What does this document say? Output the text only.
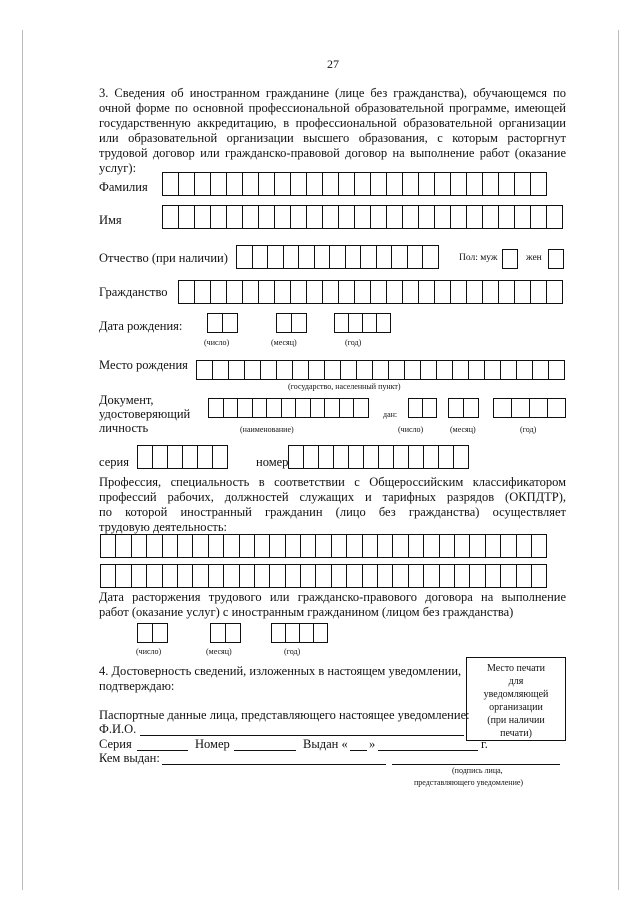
27
3. Сведения об иностранном гражданине (лице без гражданства), обучающемся по
очной форме по основной профессиональной образовательной программе, имеющей
государственную аккредитацию, в профессиональной образовательной организации
или образовательной организации высшего образования, с которым расторгнут
трудовой договор или гражданско-правовой договор на выполнение работ (оказание
услуг):
Фамилия
Имя
Отчество (при наличии)	Пол: муж	жен
Гражданство
Дата рождения:
(число)	(месяц)	(год)
Место рождения
(государство, населенный пункт)
Документ,
удостоверяющий
личность	(наименование)
дан:
(число)	(месяц)	(год)
серия	номер
Профессия, специальность в соответствии с Общероссийским классификатором
профессий рабочих, должностей служащих и тарифных разрядов (ОКПДТР),
по которой иностранный гражданин (лицо без гражданства) осуществляет
трудовую деятельность:
Дата расторжения трудового или гражданско-правового договора на выполнение
работ (оказание услуг) с иностранным гражданином (лицом без гражданства)
(число)	(месяц)	(год)
4. Достоверность сведений, изложенных в настоящем уведомлении,
подтверждаю:
Место печати
для
уведомляющей
организации
(при наличии
печати)
Паспортные данные лица, представляющего настоящее уведомление:
Ф.И.О.
Серия	Номер	Выдан « »	г.
Кем выдан:
(подпись лица,
представляющего уведомление)
